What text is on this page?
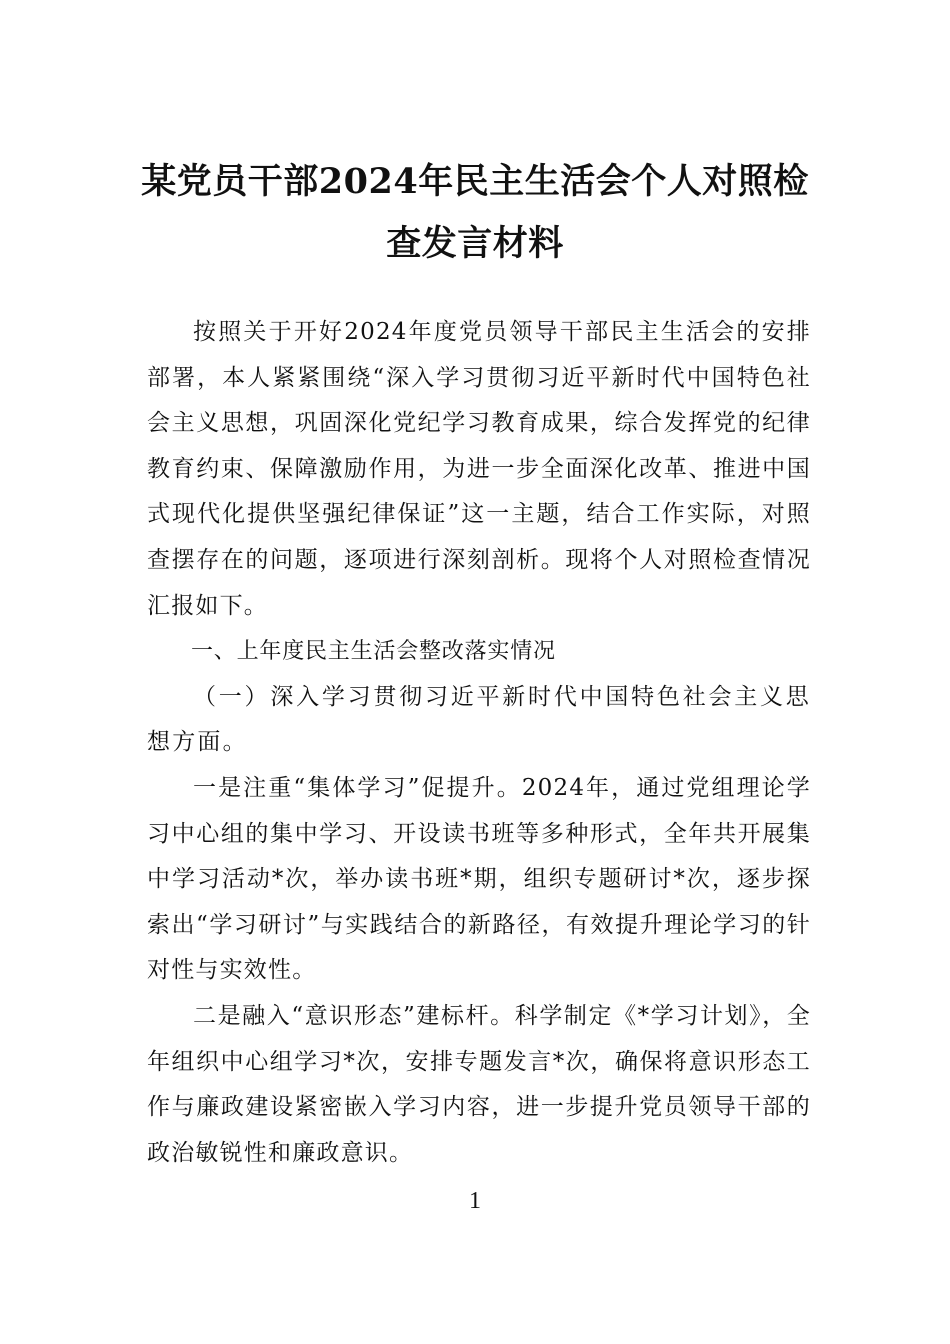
某党员干部2024年民主生活会个人对照检
查发言材料

按照关于开好2024年度党员领导干部民主生活会的安排部署，本人紧紧围绕“深入学习贯彻习近平新时代中国特色社会主义思想，巩固深化党纪学习教育成果，综合发挥党的纪律教育约束、保障激励作用，为进一步全面深化改革、推进中国式现代化提供坚强纪律保证”这一主题，结合工作实际，对照查摆存在的问题，逐项进行深刻剖析。现将个人对照检查情况汇报如下。

一、上年度民主生活会整改落实情况

（一）深入学习贯彻习近平新时代中国特色社会主义思想方面。

一是注重“集体学习”促提升。2024年，通过党组理论学习中心组的集中学习、开设读书班等多种形式，全年共开展集中学习活动*次，举办读书班*期，组织专题研讨*次，逐步探索出“学习研讨”与实践结合的新路径，有效提升理论学习的针对性与实效性。

二是融入“意识形态”建标杆。科学制定《*学习计划》，全年组织中心组学习*次，安排专题发言*次，确保将意识形态工作与廉政建设紧密嵌入学习内容，进一步提升党员领导干部的政治敏锐性和廉政意识。

1
